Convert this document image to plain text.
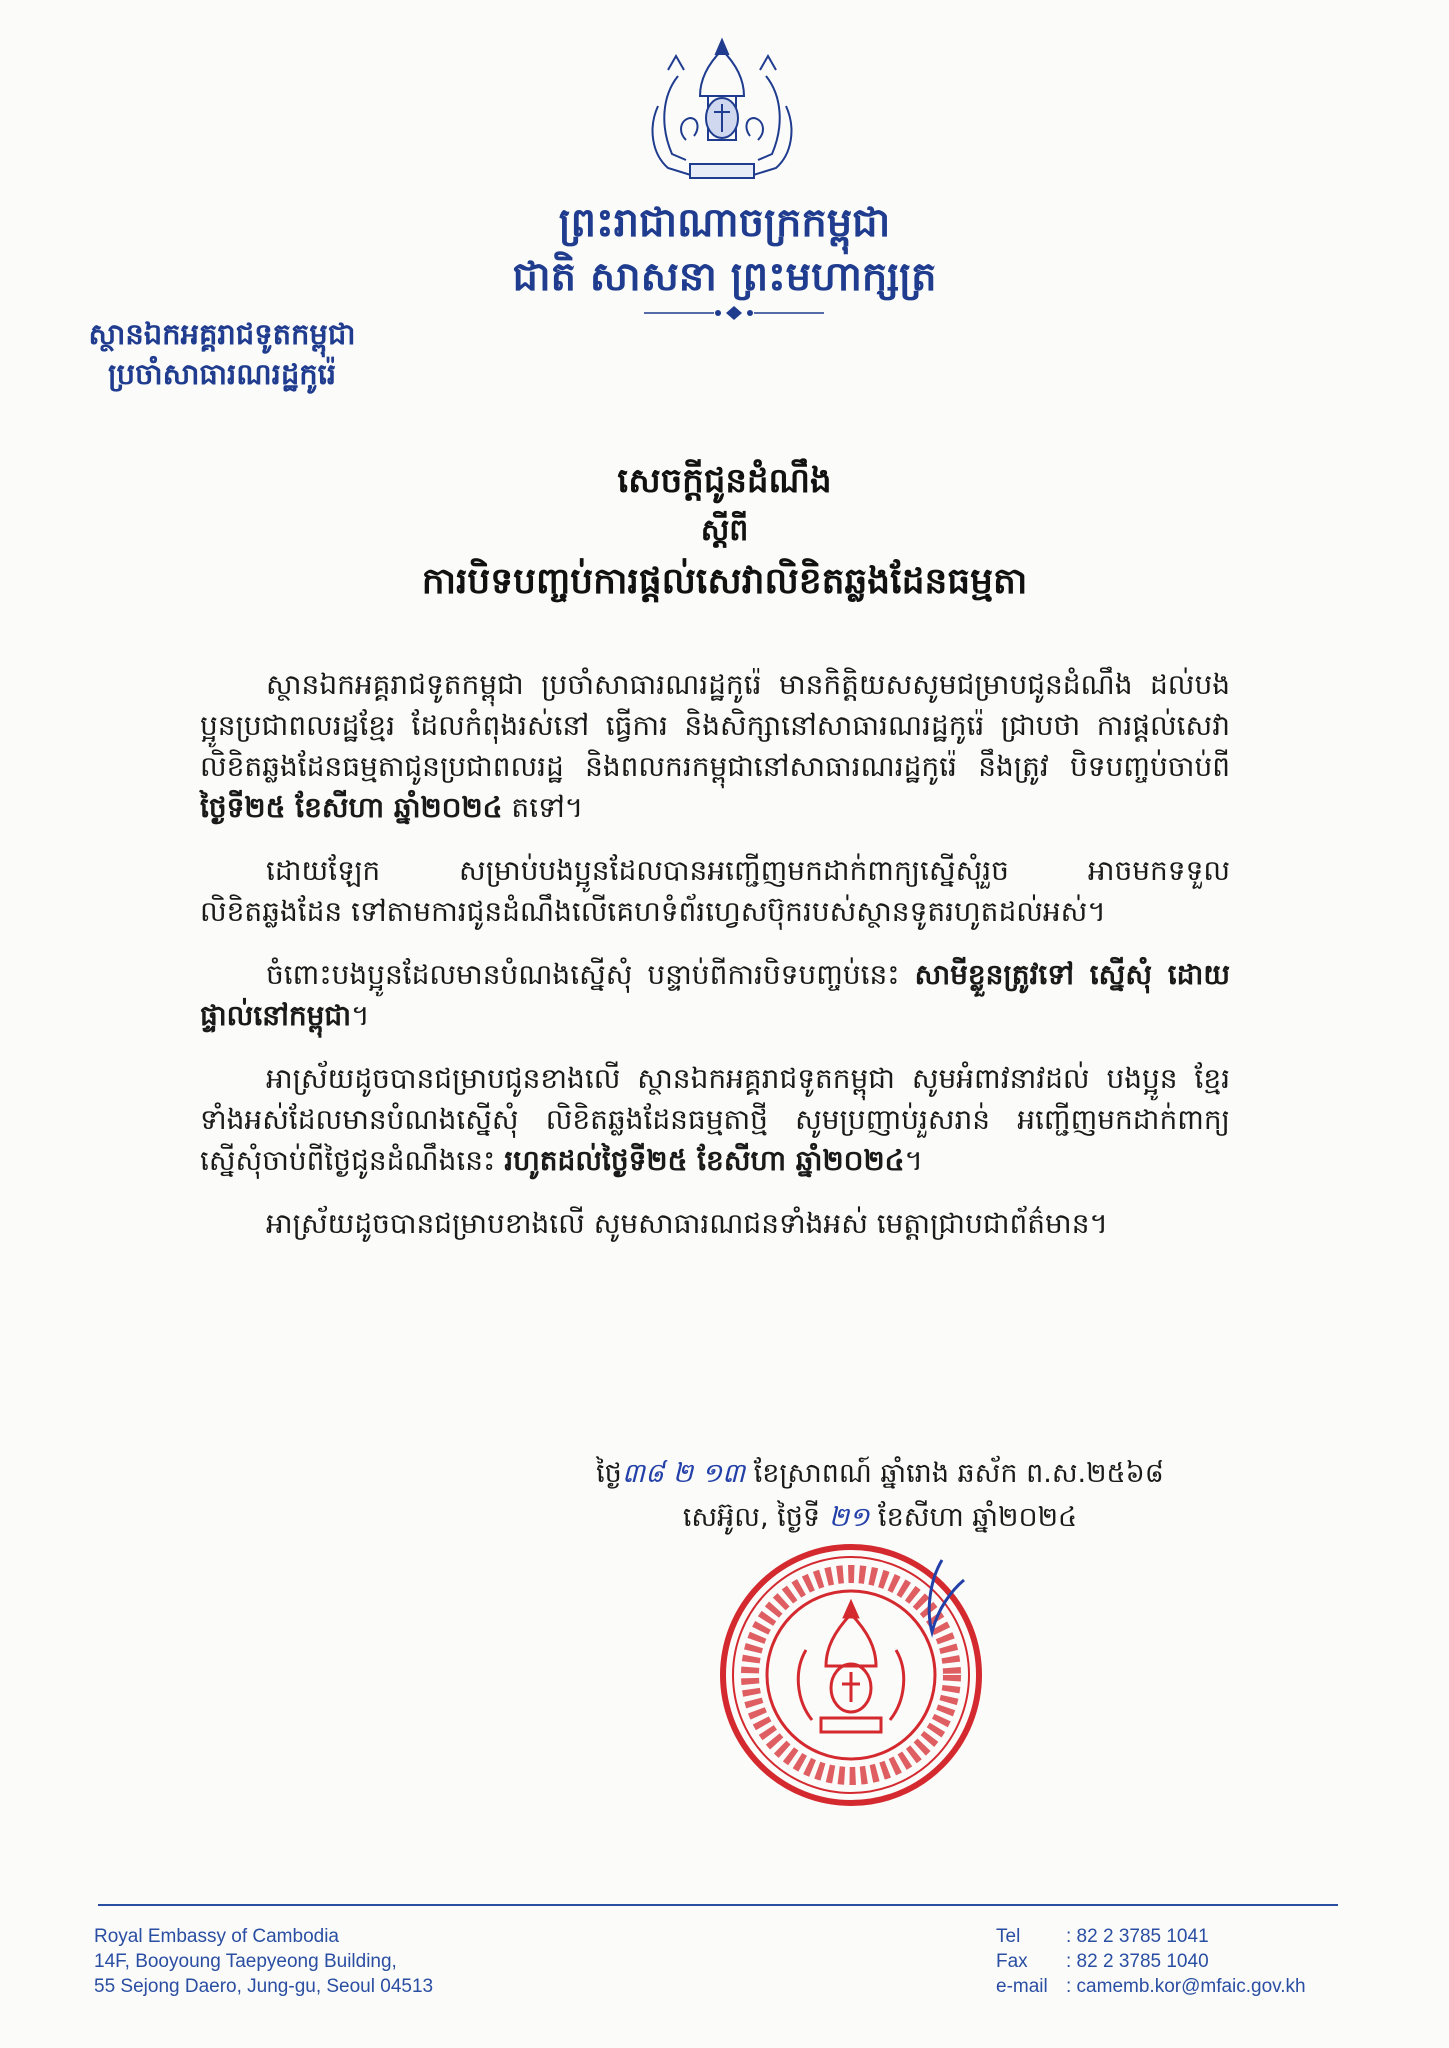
ព្រះរាជាណាចក្រកម្ពុជា
ជាតិ សាសនា ព្រះមហាក្សត្រ
ស្ថានឯកអគ្គរាជទូតកម្ពុជា
ប្រចាំសាធារណរដ្ឋកូរ៉េ
សេចក្តីជូនដំណឹង
ស្តីពី
ការបិទបញ្ចប់ការផ្តល់សេវាលិខិតឆ្លងដែនធម្មតា

ស្ថានឯកអគ្គរាជទូតកម្ពុជា ប្រចាំសាធារណរដ្ឋកូរ៉េ មានកិត្តិយសសូមជម្រាបជូនដំណឹង ដល់បងប្អូនប្រជាពលរដ្ឋខ្មែរ ដែលកំពុងរស់នៅ ធ្វើការ និងសិក្សានៅសាធារណរដ្ឋកូរ៉េ ជ្រាបថា ការផ្តល់សេវាលិខិតឆ្លងដែនធម្មតាជូនប្រជាពលរដ្ឋ និងពលករកម្ពុជានៅសាធារណរដ្ឋកូរ៉េ នឹងត្រូវ បិទបញ្ចប់ចាប់ពី ថ្ងៃទី២៥ ខែសីហា ឆ្នាំ២០២៤ តទៅ។

ដោយឡែក សម្រាប់បងប្អូនដែលបានអញ្ជើញមកដាក់ពាក្យស្នើសុំរួច អាចមកទទួល លិខិតឆ្លងដែន ទៅតាមការជូនដំណឹងលើគេហទំព័រហ្វេសប៊ុករបស់ស្ថានទូតរហូតដល់អស់។

ចំពោះបងប្អូនដែលមានបំណងស្នើសុំ បន្ទាប់ពីការបិទបញ្ចប់នេះ សាមីខ្លួនត្រូវទៅ ស្នើសុំ ដោយផ្ទាល់នៅកម្ពុជា។

អាស្រ័យដូចបានជម្រាបជូនខាងលើ ស្ថានឯកអគ្គរាជទូតកម្ពុជា សូមអំពាវនាវដល់ បងប្អូន ខ្មែរទាំងអស់ដែលមានបំណងស្នើសុំ លិខិតឆ្លងដែនធម្មតាថ្មី សូមប្រញាប់រួសរាន់ អញ្ជើញមកដាក់ពាក្យស្នើសុំចាប់ពីថ្ងៃជូនដំណឹងនេះ រហូតដល់ថ្ងៃទី២៥ ខែសីហា ឆ្នាំ២០២៤។

អាស្រ័យដូចបានជម្រាបខាងលើ សូមសាធារណជនទាំងអស់ មេត្តាជ្រាបជាព័ត៌មាន។

ថ្ងៃ៣៨ ២ ១៣ ខែស្រាពណ៍ ឆ្នាំរោង ឆស័ក ព.ស.២៥៦៨
សេអ៊ូល, ថ្ងៃទី ២១ ខែសីហា ឆ្នាំ២០២៤
Royal Embassy of Cambodia
14F, Booyoung Taepyeong Building,
55 Sejong Daero, Jung-gu, Seoul 04513
Tel : 82 2 3785 1041
Fax : 82 2 3785 1040
e-mail : camemb.kor@mfaic.gov.kh
